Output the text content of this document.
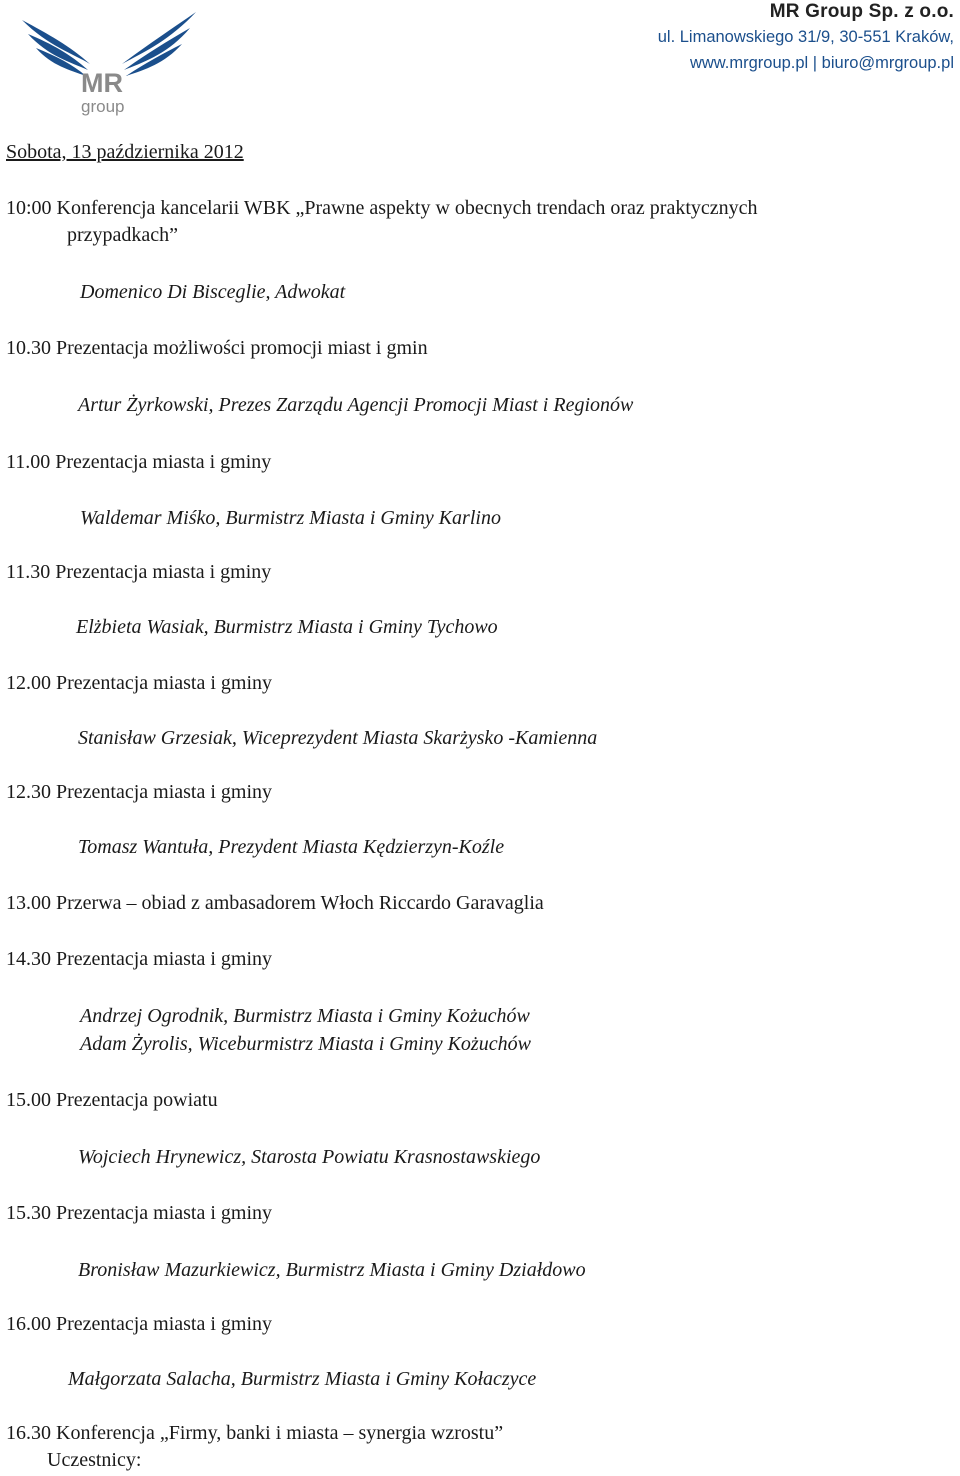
MR
group
MR Group Sp. z o.o.
ul. Limanowskiego 31/9, 30-551 Kraków,
www.mrgroup.pl | biuro@mrgroup.pl
Sobota, 13 października 2012
10:00 Konferencja kancelarii WBK „Prawne aspekty w obecnych trendach oraz praktycznych
przypadkach”
Domenico Di Bisceglie, Adwokat
10.30 Prezentacja możliwości promocji miast i gmin
Artur Żyrkowski, Prezes Zarządu Agencji Promocji Miast i Regionów
11.00 Prezentacja miasta i gminy
Waldemar Miśko, Burmistrz Miasta i Gminy Karlino
11.30 Prezentacja miasta i gminy
Elżbieta Wasiak, Burmistrz Miasta i Gminy Tychowo
12.00 Prezentacja miasta i gminy
Stanisław Grzesiak, Wiceprezydent Miasta Skarżysko -Kamienna
12.30 Prezentacja miasta i gminy
Tomasz Wantuła, Prezydent Miasta Kędzierzyn-Koźle
13.00 Przerwa – obiad z ambasadorem Włoch Riccardo Garavaglia
14.30 Prezentacja miasta i gminy
Andrzej Ogrodnik, Burmistrz Miasta i Gminy Kożuchów
Adam Żyrolis, Wiceburmistrz Miasta i Gminy Kożuchów
15.00 Prezentacja powiatu
Wojciech Hrynewicz, Starosta Powiatu Krasnostawskiego
15.30 Prezentacja miasta i gminy
Bronisław Mazurkiewicz, Burmistrz Miasta i Gminy Działdowo
16.00 Prezentacja miasta i gminy
Małgorzata Salacha, Burmistrz Miasta i Gminy Kołaczyce
16.30 Konferencja „Firmy, banki i miasta – synergia wzrostu”
Uczestnicy:
